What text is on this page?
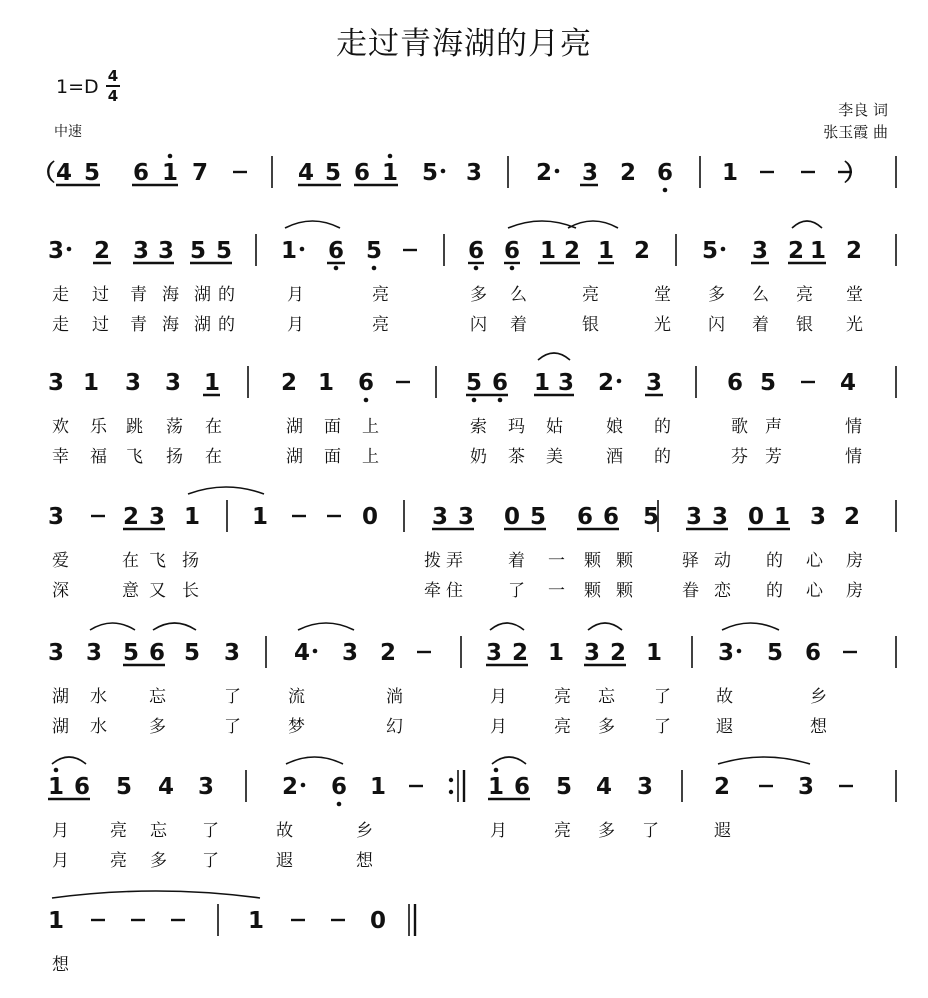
走过青海湖的月亮
1=D 4
4
中速
李良 词
张玉霞 曲
4 5 6 1 7	4 5 6 1 5 3 2 3 2 6 1
（	）
3 2 3 3 5 5 1 6 5	6 6 1 2 1 2 5 3 2 1 2
走 过 青 海 湖 的	月	亮	多 么	亮	堂 多 么 亮 堂
走 过 青 海 湖 的	月	亮	闪 着	银	光 闪 着 银 光
3 1 3 3 1	2 1 6	5 6 1 3 2 3	6 5	4
欢 乐 跳 荡 在	湖 面 上	索 玛 姑	娘 的	歌 声	情
幸 福 飞 扬 在	湖 面 上	奶 茶 美	酒 的	芬 芳	情
3	2 3 1 1	0 3 3 0 5 6 6 5 3 3 0 1 3 2
爱	在 飞 扬	拨 弄	着 一 颗 颗	驿 动 的 心 房
深	意 又 长	牵 住	了 一 颗 颗	眷 恋 的 心 房
3 3 5 6 5 3 4 3 2	3 2 1 3 2 1 3 5 6
湖 水 忘	了	流	淌	月	亮 忘 了	故	乡
湖 水 多	了	梦	幻	月	亮 多 了	遐	想
1 6 5 4 3	2 6 1	1 6 5 4 3	2	3
月 亮 忘 了	故	乡	月	亮 多 了	遐
月 亮 多 了	遐	想
1	1	0
想
